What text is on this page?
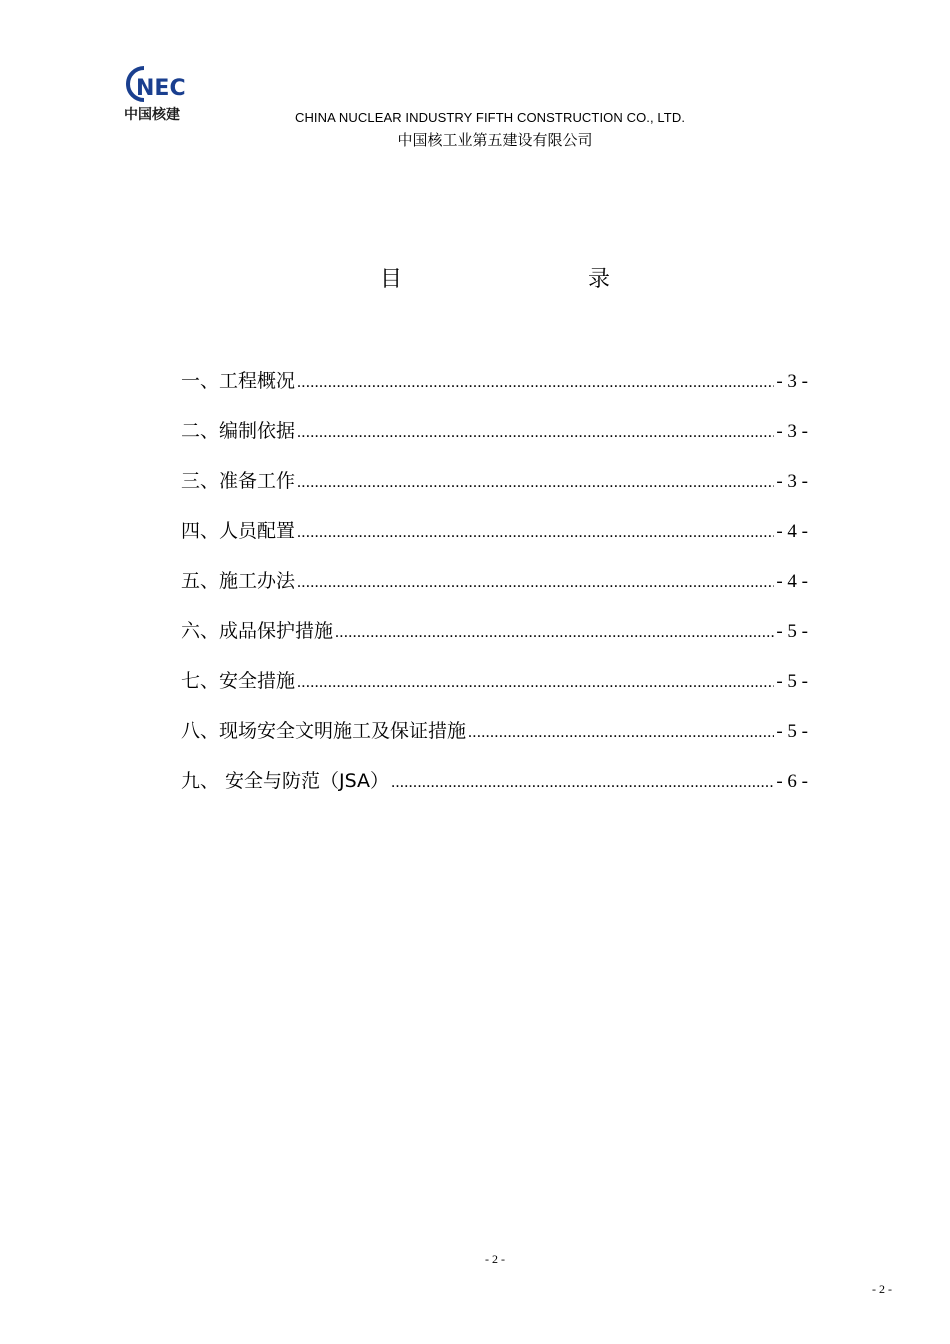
NEC
中国核建	CHINA NUCLEAR INDUSTRY FIFTH CONSTRUCTION CO., LTD.
中国核工业第五建设有限公司
目	录
一、工程概况 .....	- 3 -
二、编制依据 .....	- 3 -
三、准备工作 .....	- 3 -
四、人员配置 .....	- 4 -
五、施工办法 .....	- 4 -
六、成品保护措施 .....	- 5 -
七、安全措施 .....	- 5 -
八、现场安全文明施工及保证措施 .....	- 5 -
九、 安全与防范（JSA） .....	- 6 -
- 2 -
- 2 -
